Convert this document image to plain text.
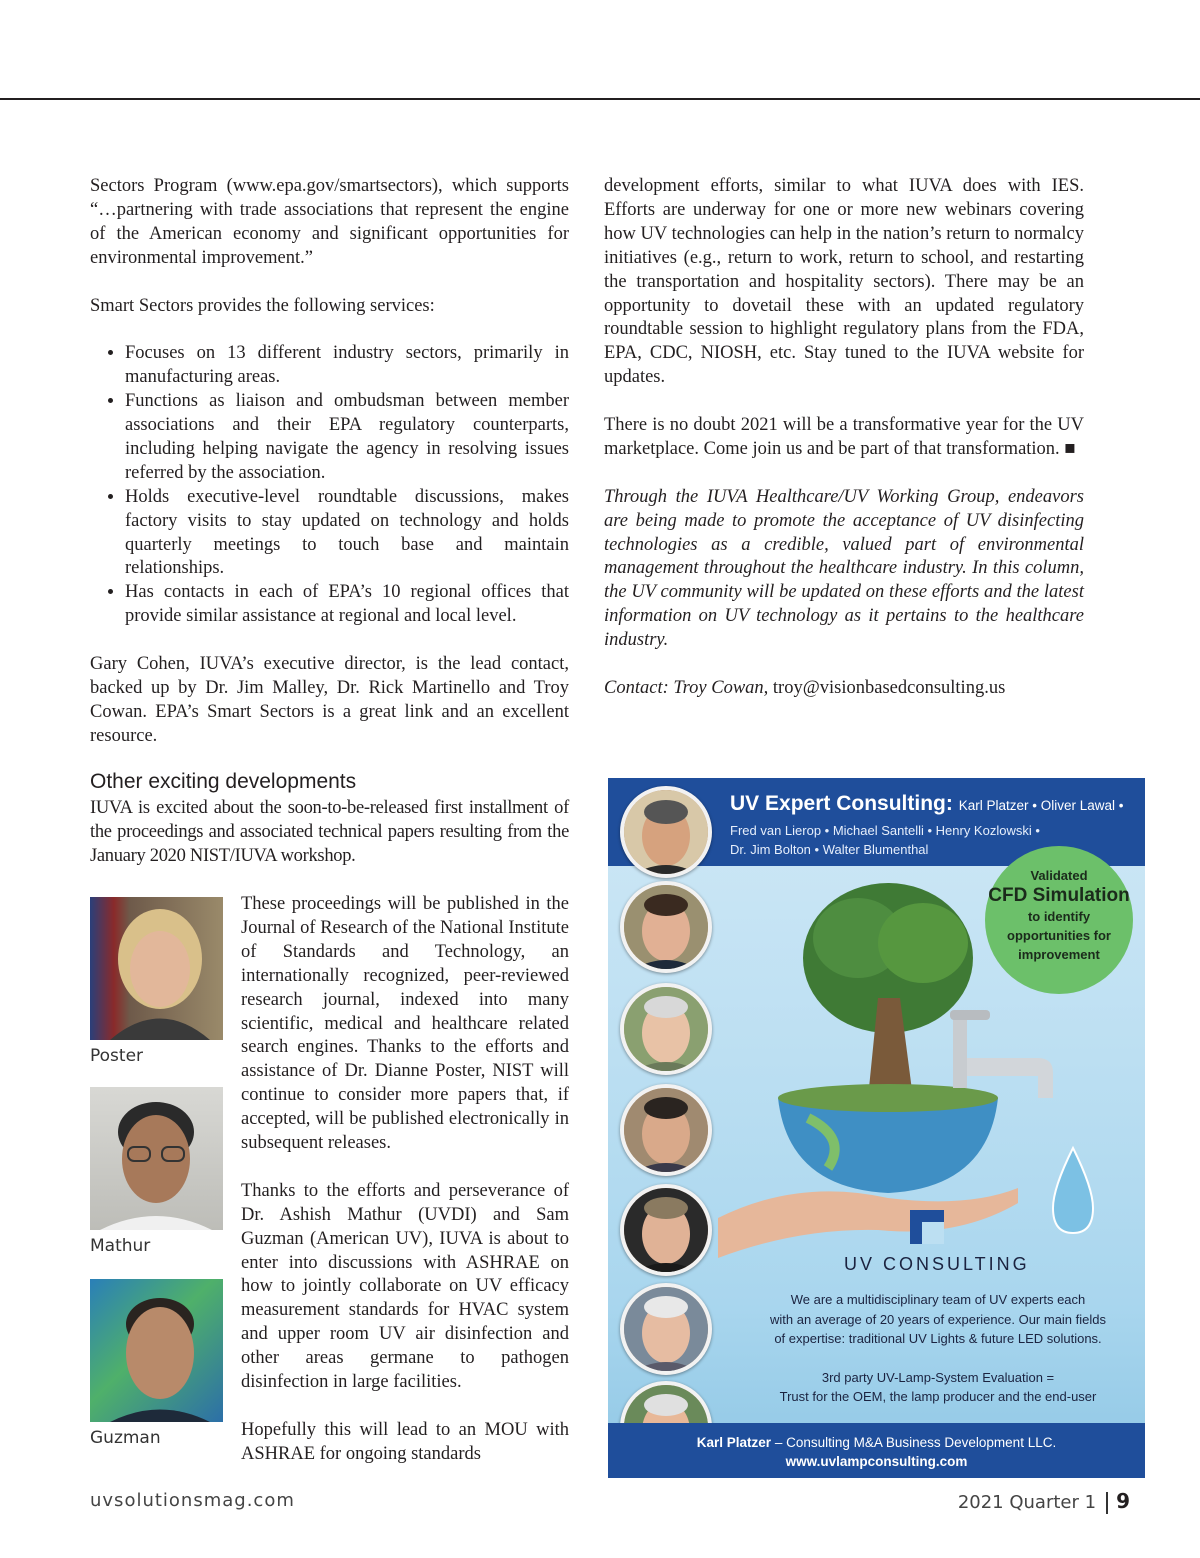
Sectors Program (www.epa.gov/smartsectors), which supports “…partnering with trade associations that represent the engine of the American economy and significant opportunities for environmental improvement.”

Smart Sectors provides the following services:

• Focuses on 13 different industry sectors, primarily in manufacturing areas.
• Functions as liaison and ombudsman between member associations and their EPA regulatory counterparts, including helping navigate the agency in resolving issues referred by the association.
• Holds executive-level roundtable discussions, makes factory visits to stay updated on technology and holds quarterly meetings to touch base and maintain relationships.
• Has contacts in each of EPA’s 10 regional offices that provide similar assistance at regional and local level.

Gary Cohen, IUVA’s executive director, is the lead contact, backed up by Dr. Jim Malley, Dr. Rick Martinello and Troy Cowan. EPA’s Smart Sectors is a great link and an excellent resource.

Other exciting developments

IUVA is excited about the soon-to-be-released first installment of the proceedings and associated technical papers resulting from the January 2020 NIST/IUVA workshop.

These proceedings will be published in the Journal of Research of the National Institute of Standards and Technology, an internationally recognized, peer-reviewed research journal, indexed into many scientific, medical and healthcare related search engines. Thanks to the efforts and assistance of Dr. Dianne Poster, NIST will continue to consider more papers that, if accepted, will be published electronically in subsequent releases.

Thanks to the efforts and perseverance of Dr. Ashish Mathur (UVDI) and Sam Guzman (American UV), IUVA is about to enter into discussions with ASHRAE on how to jointly collaborate on UV efficacy measurement standards for HVAC system and upper room UV air disinfection and other areas germane to pathogen disinfection in large facilities.

Hopefully this will lead to an MOU with ASHRAE for ongoing standards

Poster
Mathur
Guzman

development efforts, similar to what IUVA does with IES. Efforts are underway for one or more new webinars covering how UV technologies can help in the nation’s return to normalcy initiatives (e.g., return to work, return to school, and restarting the transportation and hospitality sectors). There may be an opportunity to dovetail these with an updated regulatory roundtable session to highlight regulatory plans from the FDA, EPA, CDC, NIOSH, etc. Stay tuned to the IUVA website for updates.

There is no doubt 2021 will be a transformative year for the UV marketplace. Come join us and be part of that transformation. ■

Through the IUVA Healthcare/UV Working Group, endeavors are being made to promote the acceptance of UV disinfecting technologies as a credible, valued part of environmental management throughout the healthcare industry. In this column, the UV community will be updated on these efforts and the latest information on UV technology as it pertains to the healthcare industry.

Contact: Troy Cowan, troy@visionbasedconsulting.us

UV Expert Consulting: Karl Platzer • Oliver Lawal •
Fred van Lierop • Michael Santelli • Henry Kozlowski •
Dr. Jim Bolton • Walter Blumenthal
Validated
CFD Simulation
to identify
opportunities for
improvement
UV CONSULTING
We are a multidisciplinary team of UV experts each
with an average of 20 years of experience. Our main fields
of expertise: traditional UV Lights & future LED solutions.
3rd party UV-Lamp-System Evaluation =
Trust for the OEM, the lamp producer and the end-user
Karl Platzer – Consulting M&A Business Development LLC.
www.uvlampconsulting.com
uvsolutionsmag.com	2021 Quarter 1 9
